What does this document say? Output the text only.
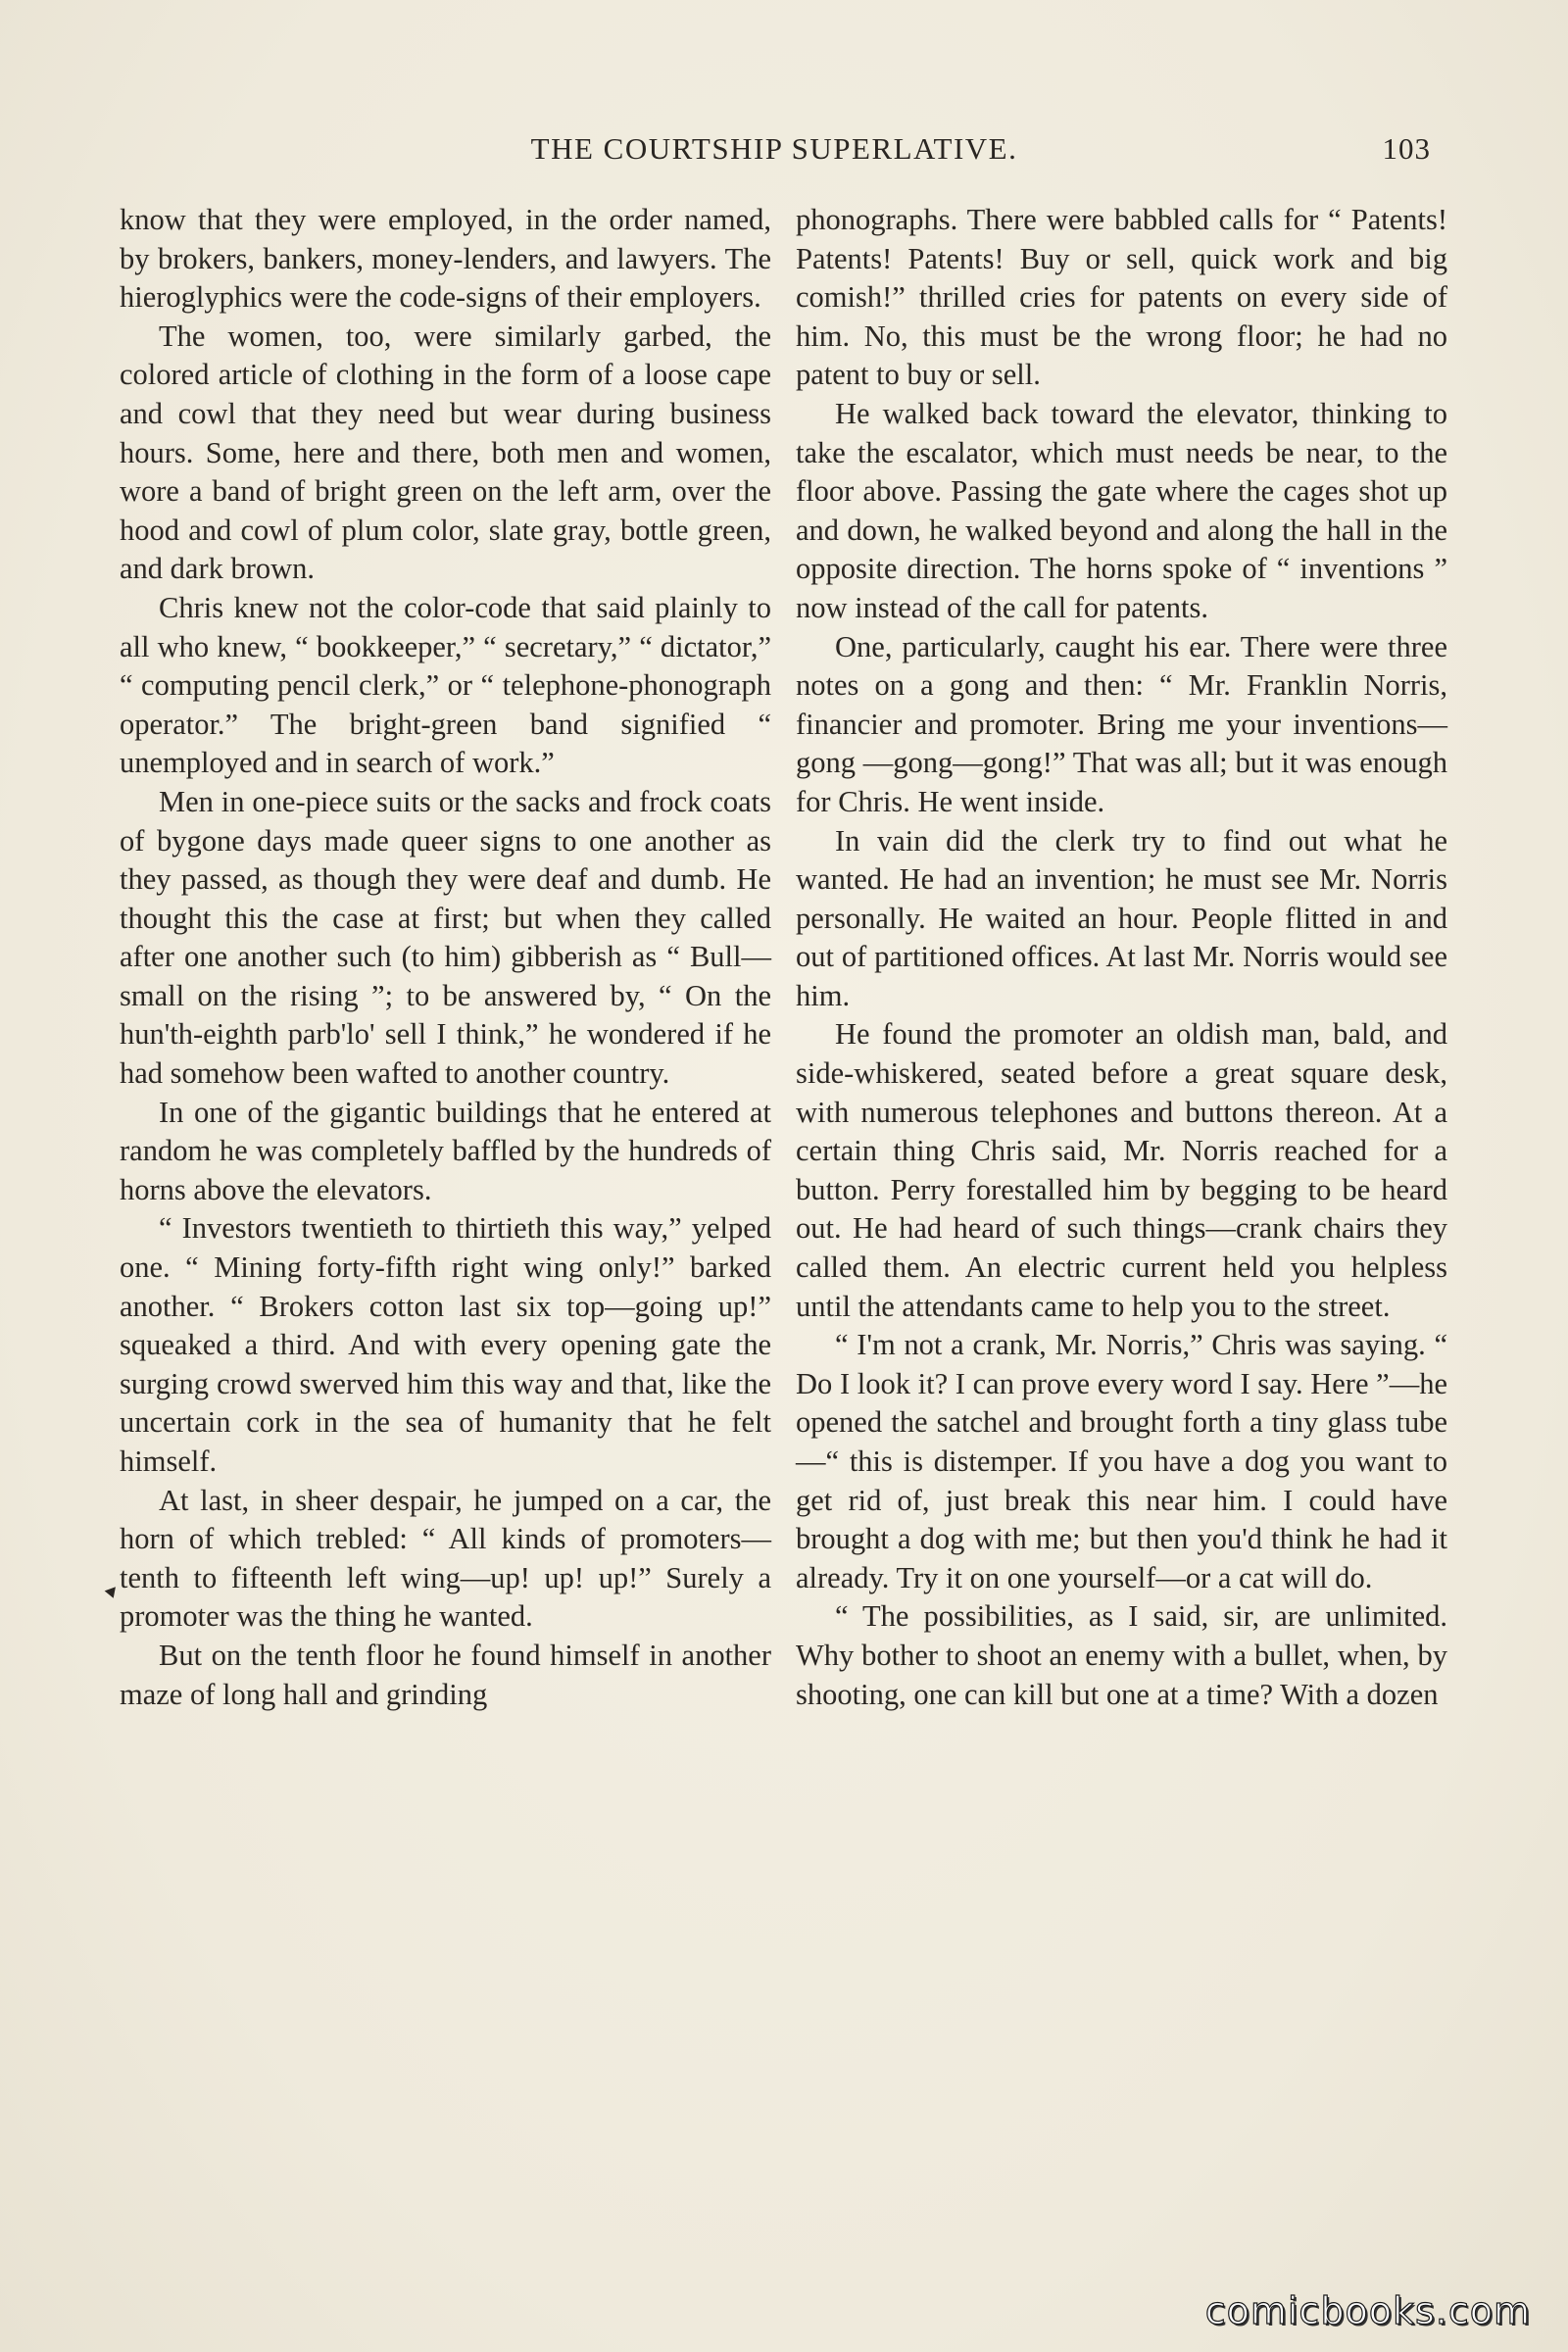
THE COURTSHIP SUPERLATIVE.	103

know that they were employed, in the order named, by brokers, bankers, money-lenders, and lawyers. The hieroglyphics were the code-signs of their employers.

The women, too, were similarly garbed, the colored article of clothing in the form of a loose cape and cowl that they need but wear during business hours. Some, here and there, both men and women, wore a band of bright green on the left arm, over the hood and cowl of plum color, slate gray, bottle green, and dark brown.

Chris knew not the color-code that said plainly to all who knew, “ bookkeeper,” “ secretary,” “ dictator,” “ computing pencil clerk,” or “ telephone-phonograph operator.” The bright-green band signified “ unemployed and in search of work.”

Men in one-piece suits or the sacks and frock coats of bygone days made queer signs to one another as they passed, as though they were deaf and dumb. He thought this the case at first; but when they called after one another such (to him) gibberish as “ Bull—small on the rising ”; to be answered by, “ On the hun'th-eighth parb'lo' sell I think,” he wondered if he had somehow been wafted to another country.

In one of the gigantic buildings that he entered at random he was completely baffled by the hundreds of horns above the elevators.

“ Investors twentieth to thirtieth this way,” yelped one. “ Mining forty-fifth right wing only!” barked another. “ Brokers cotton last six top—going up!” squeaked a third. And with every opening gate the surging crowd swerved him this way and that, like the uncertain cork in the sea of humanity that he felt himself.

At last, in sheer despair, he jumped on a car, the horn of which trebled: “ All kinds of promoters—tenth to fifteenth left wing—up! up! up!” Surely a promoter was the thing he wanted.

But on the tenth floor he found himself in another maze of long hall and grinding

phonographs. There were babbled calls for “ Patents! Patents! Patents! Buy or sell, quick work and big comish!” thrilled cries for patents on every side of him. No, this must be the wrong floor; he had no patent to buy or sell.

He walked back toward the elevator, thinking to take the escalator, which must needs be near, to the floor above. Passing the gate where the cages shot up and down, he walked beyond and along the hall in the opposite direction. The horns spoke of “ inventions ” now instead of the call for patents.

One, particularly, caught his ear. There were three notes on a gong and then: “ Mr. Franklin Norris, financier and promoter. Bring me your inventions—gong —gong—gong!” That was all; but it was enough for Chris. He went inside.

In vain did the clerk try to find out what he wanted. He had an invention; he must see Mr. Norris personally. He waited an hour. People flitted in and out of partitioned offices. At last Mr. Norris would see him.

He found the promoter an oldish man, bald, and side-whiskered, seated before a great square desk, with numerous telephones and buttons thereon. At a certain thing Chris said, Mr. Norris reached for a button. Perry forestalled him by begging to be heard out. He had heard of such things—crank chairs they called them. An electric current held you helpless until the attendants came to help you to the street.

“ I'm not a crank, Mr. Norris,” Chris was saying. “ Do I look it? I can prove every word I say. Here ”—he opened the satchel and brought forth a tiny glass tube—“ this is distemper. If you have a dog you want to get rid of, just break this near him. I could have brought a dog with me; but then you'd think he had it already. Try it on one yourself—or a cat will do.

“ The possibilities, as I said, sir, are unlimited. Why bother to shoot an enemy with a bullet, when, by shooting, one can kill but one at a time? With a dozen

comicbooks.com
